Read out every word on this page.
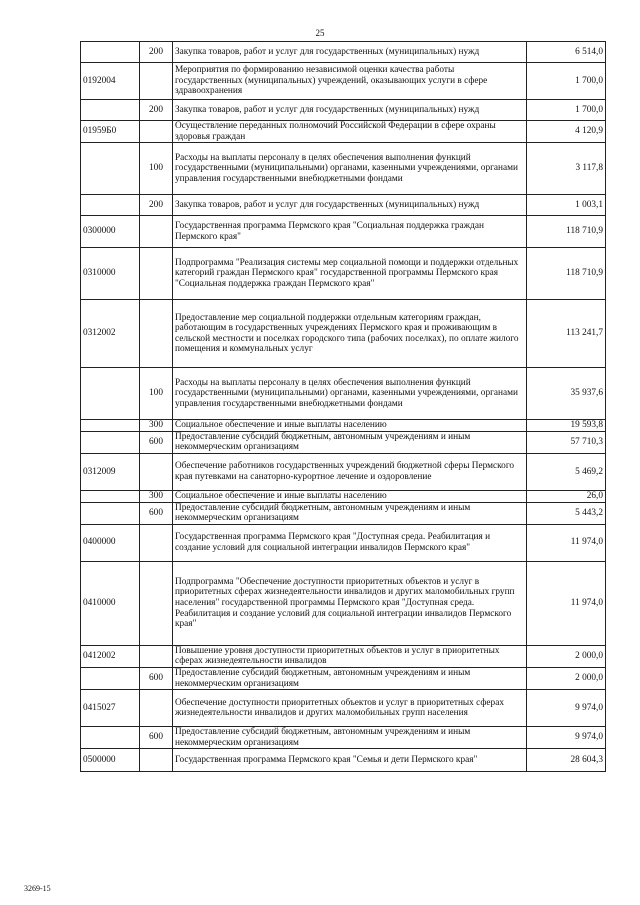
25
	200	Закупка товаров, работ и услуг для государственных (муниципальных) нужд	6 514,0
0192004		Мероприятия по формированию независимой оценки качества работы государственных (муниципальных) учреждений, оказывающих услуги в сфере здравоохранения	1 700,0
	200	Закупка товаров, работ и услуг для государственных (муниципальных) нужд	1 700,0
01959Б0		Осуществление переданных полномочий Российской Федерации в сфере охраны здоровья граждан	4 120,9
	100	Расходы на выплаты персоналу в целях обеспечения выполнения функций государственными (муниципальными) органами, казенными учреждениями, органами управления государственными внебюджетными фондами	3 117,8
	200	Закупка товаров, работ и услуг для государственных (муниципальных) нужд	1 003,1
0300000		Государственная программа Пермского края "Социальная поддержка граждан Пермского края"	118 710,9
0310000		Подпрограмма "Реализация системы мер социальной помощи и поддержки отдельных категорий граждан Пермского края" государственной программы Пермского края "Социальная поддержка граждан Пермского края"	118 710,9
0312002		Предоставление мер социальной поддержки отдельным категориям граждан, работающим в государственных учреждениях Пермского края и проживающим в сельской местности и поселках городского типа (рабочих поселках), по оплате жилого помещения и коммунальных услуг	113 241,7
	100	Расходы на выплаты персоналу в целях обеспечения выполнения функций государственными (муниципальными) органами, казенными учреждениями, органами управления государственными внебюджетными фондами	35 937,6
	300	Социальное обеспечение и иные выплаты населению	19 593,8
	600	Предоставление субсидий бюджетным, автономным учреждениям и иным некоммерческим организациям	57 710,3
0312009		Обеспечение работников государственных учреждений бюджетной сферы Пермского края путевками на санаторно-курортное лечение и оздоровление	5 469,2
	300	Социальное обеспечение и иные выплаты населению	26,0
	600	Предоставление субсидий бюджетным, автономным учреждениям и иным некоммерческим организациям	5 443,2
0400000		Государственная программа Пермского края "Доступная среда. Реабилитация и создание условий для социальной интеграции инвалидов Пермского края"	11 974,0
0410000		Подпрограмма "Обеспечение доступности приоритетных объектов и услуг в приоритетных сферах жизнедеятельности инвалидов и других маломобильных групп населения" государственной программы Пермского края "Доступная среда. Реабилитация и создание условий для социальной интеграции инвалидов Пермского края"	11 974,0
0412002		Повышение уровня доступности приоритетных объектов и услуг в приоритетных сферах жизнедеятельности инвалидов	2 000,0
	600	Предоставление субсидий бюджетным, автономным учреждениям и иным некоммерческим организациям	2 000,0
0415027		Обеспечение доступности приоритетных объектов и услуг в приоритетных сферах жизнедеятельности инвалидов и других маломобильных групп населения	9 974,0
	600	Предоставление субсидий бюджетным, автономным учреждениям и иным некоммерческим организациям	9 974,0
0500000		Государственная программа Пермского края "Семья и дети Пермского края"	28 604,3
3269-15
